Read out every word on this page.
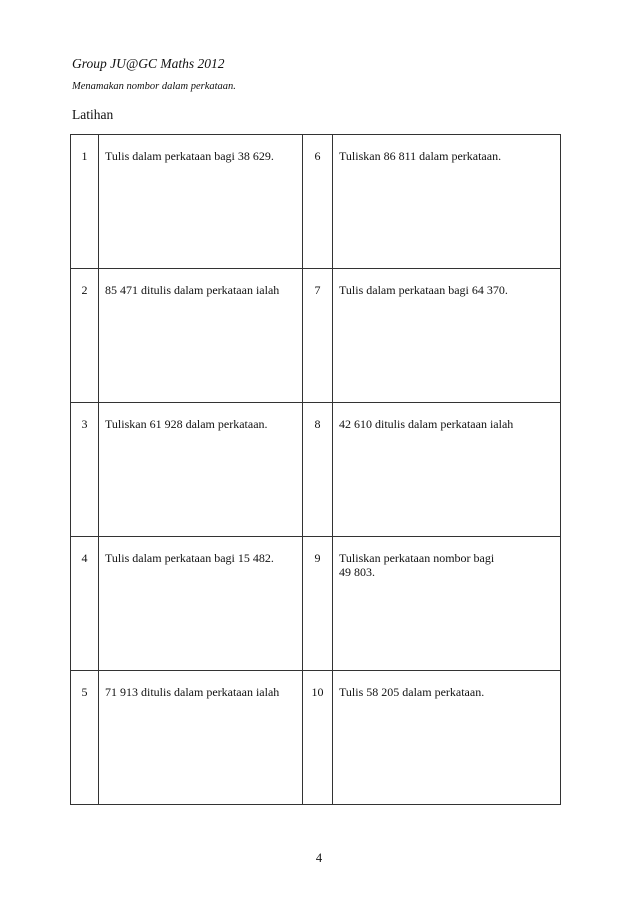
Group JU@GC Maths 2012
Menamakan nombor dalam perkataan.
Latihan
1	Tulis dalam perkataan bagi 38 629.	6	Tuliskan 86 811 dalam perkataan.
2	85 471 ditulis dalam perkataan ialah	7	Tulis dalam perkataan bagi 64 370.
3	Tuliskan 61 928 dalam perkataan.	8	42 610 ditulis dalam perkataan ialah
4	Tulis dalam perkataan bagi 15 482.	9	Tuliskan perkataan nombor bagi
49 803.
5	71 913 ditulis dalam perkataan ialah	10	Tulis 58 205 dalam perkataan.
4
